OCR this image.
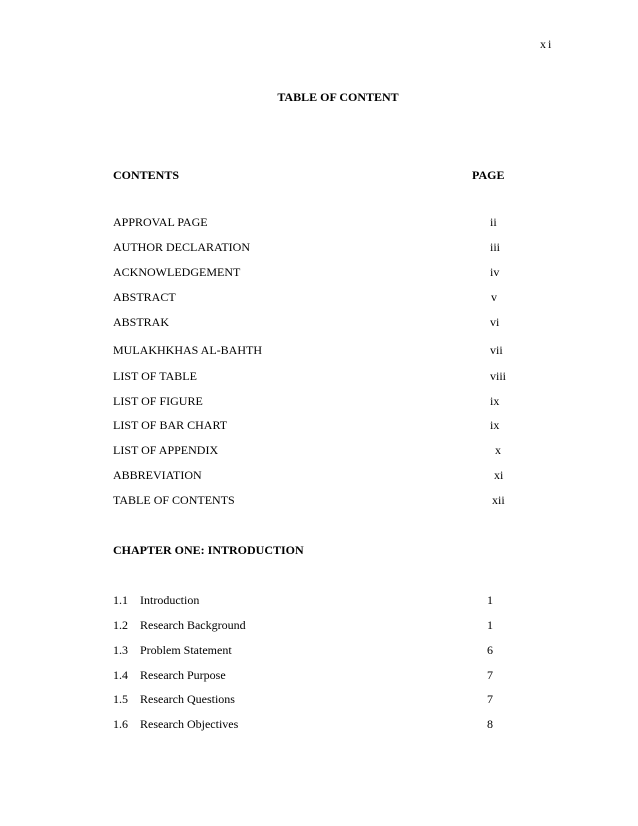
xi
TABLE OF CONTENT
CONTENTS	PAGE
APPROVAL PAGE	ii
AUTHOR DECLARATION	iii
ACKNOWLEDGEMENT	iv
ABSTRACT	v
ABSTRAK	vi
MULAKHKHAS AL-BAHTH	vii
LIST OF TABLE	viii
LIST OF FIGURE	ix
LIST OF BAR CHART	ix
LIST OF APPENDIX	x
ABBREVIATION	xi
TABLE OF CONTENTS	xii
CHAPTER ONE: INTRODUCTION
1.1 Introduction	1
1.2 Research Background	1
1.3 Problem Statement	6
1.4 Research Purpose	7
1.5 Research Questions	7
1.6 Research Objectives	8
